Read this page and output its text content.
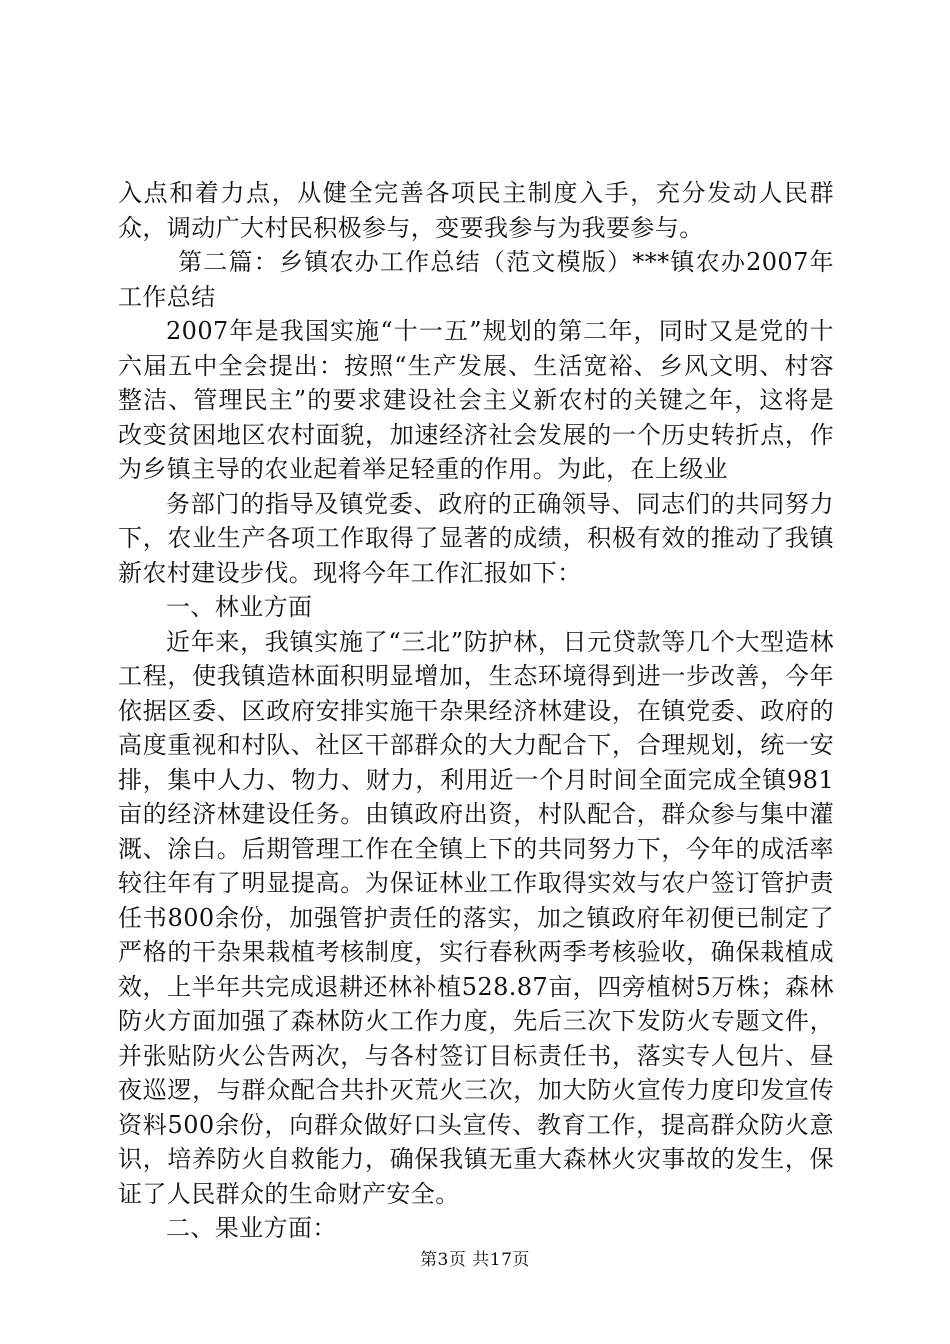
入点和着力点，从健全完善各项民主制度入手，充分发动人民群众，调动广大村民积极参与，变要我参与为我要参与。

第二篇：乡镇农办工作总结（范文模版）***镇农办2007年工作总结

2007年是我国实施“十一五”规划的第二年，同时又是党的十六届五中全会提出：按照“生产发展、生活宽裕、乡风文明、村容整洁、管理民主”的要求建设社会主义新农村的关键之年，这将是改变贫困地区农村面貌，加速经济社会发展的一个历史转折点，作为乡镇主导的农业起着举足轻重的作用。为此，在上级业

务部门的指导及镇党委、政府的正确领导、同志们的共同努力下，农业生产各项工作取得了显著的成绩，积极有效的推动了我镇新农村建设步伐。现将今年工作汇报如下：

一、林业方面

近年来，我镇实施了“三北”防护林，日元贷款等几个大型造林工程，使我镇造林面积明显增加，生态环境得到进一步改善，今年依据区委、区政府安排实施干杂果经济林建设，在镇党委、政府的高度重视和村队、社区干部群众的大力配合下，合理规划，统一安排，集中人力、物力、财力，利用近一个月时间全面完成全镇981亩的经济林建设任务。由镇政府出资，村队配合，群众参与集中灌溉、涂白。后期管理工作在全镇上下的共同努力下，今年的成活率较往年有了明显提高。为保证林业工作取得实效与农户签订管护责任书800余份，加强管护责任的落实，加之镇政府年初便已制定了严格的干杂果栽植考核制度，实行春秋两季考核验收，确保栽植成效，上半年共完成退耕还林补植528.87亩，四旁植树5万株；森林防火方面加强了森林防火工作力度，先后三次下发防火专题文件，并张贴防火公告两次，与各村签订目标责任书，落实专人包片、昼夜巡逻，与群众配合共扑灭荒火三次，加大防火宣传力度印发宣传资料500余份，向群众做好口头宣传、教育工作，提高群众防火意识，培养防火自救能力，确保我镇无重大森林火灾事故的发生，保证了人民群众的生命财产安全。

二、果业方面：

第3页 共17页
